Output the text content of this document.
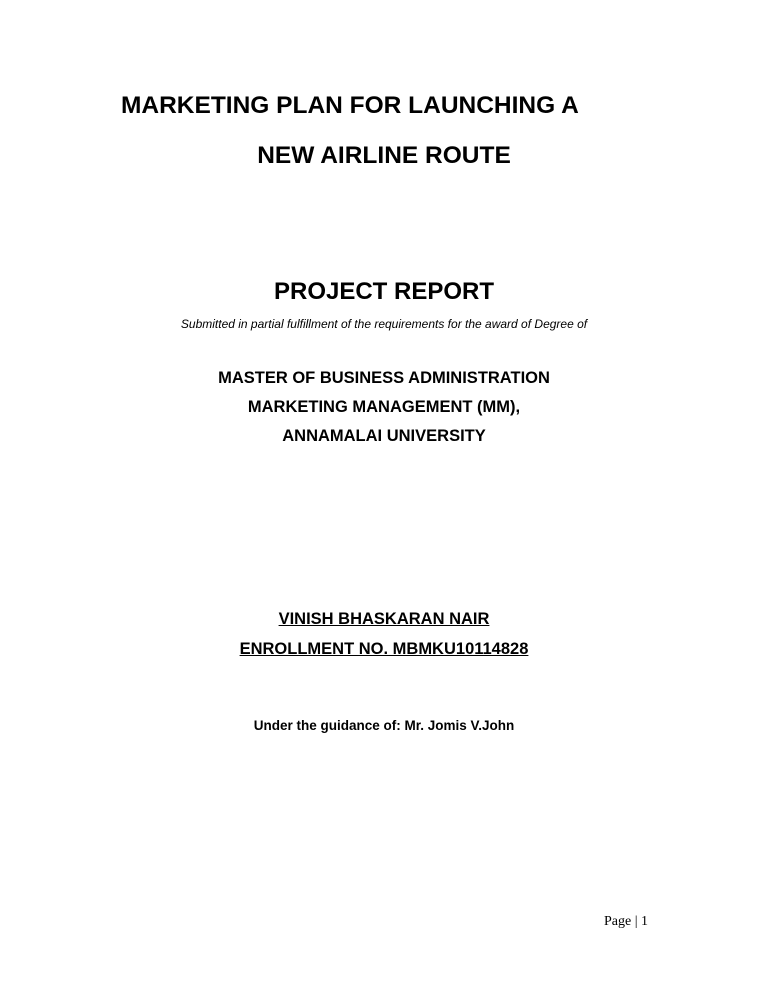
MARKETING PLAN FOR LAUNCHING A
NEW AIRLINE ROUTE
PROJECT REPORT
Submitted in partial fulfillment of the requirements for the award of Degree of
MASTER OF BUSINESS ADMINISTRATION
MARKETING MANAGEMENT (MM),
ANNAMALAI UNIVERSITY
VINISH BHASKARAN NAIR
ENROLLMENT NO. MBMKU10114828
Under the guidance of: Mr. Jomis V.John
Page | 1
